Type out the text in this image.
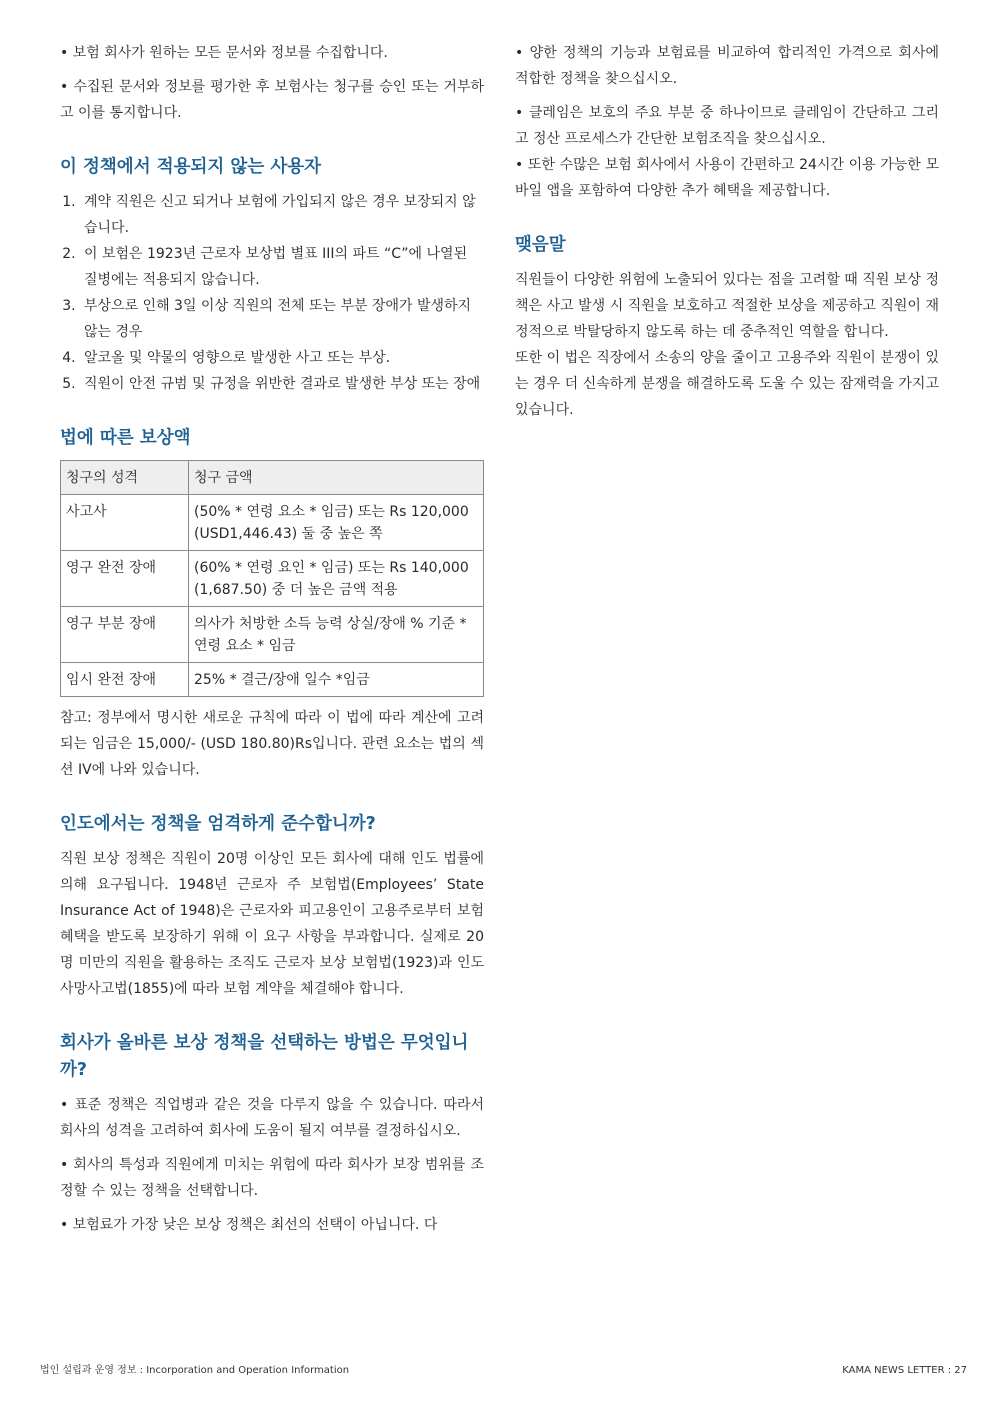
• 보험 회사가 원하는 모든 문서와 정보를 수집합니다.

• 수집된 문서와 정보를 평가한 후 보험사는 청구를 승인 또는 거부하고 이를 통지합니다.

이 정책에서 적용되지 않는 사용자
1. 계약 직원은 신고 되거나 보험에 가입되지 않은 경우 보장되지 않습니다.
2. 이 보험은 1923년 근로자 보상법 별표 III의 파트 “C”에 나열된 질병에는 적용되지 않습니다.
3. 부상으로 인해 3일 이상 직원의 전체 또는 부분 장애가 발생하지 않는 경우
4. 알코올 및 약물의 영향으로 발생한 사고 또는 부상.
5. 직원이 안전 규범 및 규정을 위반한 결과로 발생한 부상 또는 장애
법에 따른 보상액
청구의 성격	청구 금액
사고사	(50% * 연령 요소 * 임금) 또는 Rs 120,000 (USD1,446.43) 둘 중 높은 쪽
영구 완전 장애	(60% * 연령 요인 * 임금) 또는 Rs 140,000 (1,687.50) 중 더 높은 금액 적용
영구 부분 장애	의사가 처방한 소득 능력 상실/장애 % 기준 * 연령 요소 * 임금
임시 완전 장애	25% * 결근/장애 일수 *임금

참고: 정부에서 명시한 새로운 규칙에 따라 이 법에 따라 계산에 고려되는 임금은 15,000/- (USD 180.80)Rs입니다. 관련 요소는 법의 섹션 IV에 나와 있습니다.

인도에서는 정책을 엄격하게 준수합니까?

직원 보상 정책은 직원이 20명 이상인 모든 회사에 대해 인도 법률에 의해 요구됩니다. 1948년 근로자 주 보험법(Employees’ State Insurance Act of 1948)은 근로자와 피고용인이 고용주로부터 보험 혜택을 받도록 보장하기 위해 이 요구 사항을 부과합니다. 실제로 20명 미만의 직원을 활용하는 조직도 근로자 보상 보험법(1923)과 인도 사망사고법(1855)에 따라 보험 계약을 체결해야 합니다.

회사가 올바른 보상 정책을 선택하는 방법은 무엇입니까?

• 표준 정책은 직업병과 같은 것을 다루지 않을 수 있습니다. 따라서 회사의 성격을 고려하여 회사에 도움이 될지 여부를 결정하십시오.

• 회사의 특성과 직원에게 미치는 위험에 따라 회사가 보장 범위를 조정할 수 있는 정책을 선택합니다.

• 보험료가 가장 낮은 보상 정책은 최선의 선택이 아닙니다. 다

• 양한 정책의 기능과 보험료를 비교하여 합리적인 가격으로 회사에 적합한 정책을 찾으십시오.

• 클레임은 보호의 주요 부분 중 하나이므로 클레임이 간단하고 그리고 정산 프로세스가 간단한 보험조직을 찾으십시오.

• 또한 수많은 보험 회사에서 사용이 간편하고 24시간 이용 가능한 모바일 앱을 포함하여 다양한 추가 혜택을 제공합니다.

맺음말

직원들이 다양한 위험에 노출되어 있다는 점을 고려할 때 직원 보상 정책은 사고 발생 시 직원을 보호하고 적절한 보상을 제공하고 직원이 재정적으로 박탈당하지 않도록 하는 데 중추적인 역할을 합니다.

또한 이 법은 직장에서 소송의 양을 줄이고 고용주와 직원이 분쟁이 있는 경우 더 신속하게 분쟁을 해결하도록 도울 수 있는 잠재력을 가지고 있습니다.

법인 설립과 운영 정보 : Incorporation and Operation Information	KAMA NEWS LETTER : 27
